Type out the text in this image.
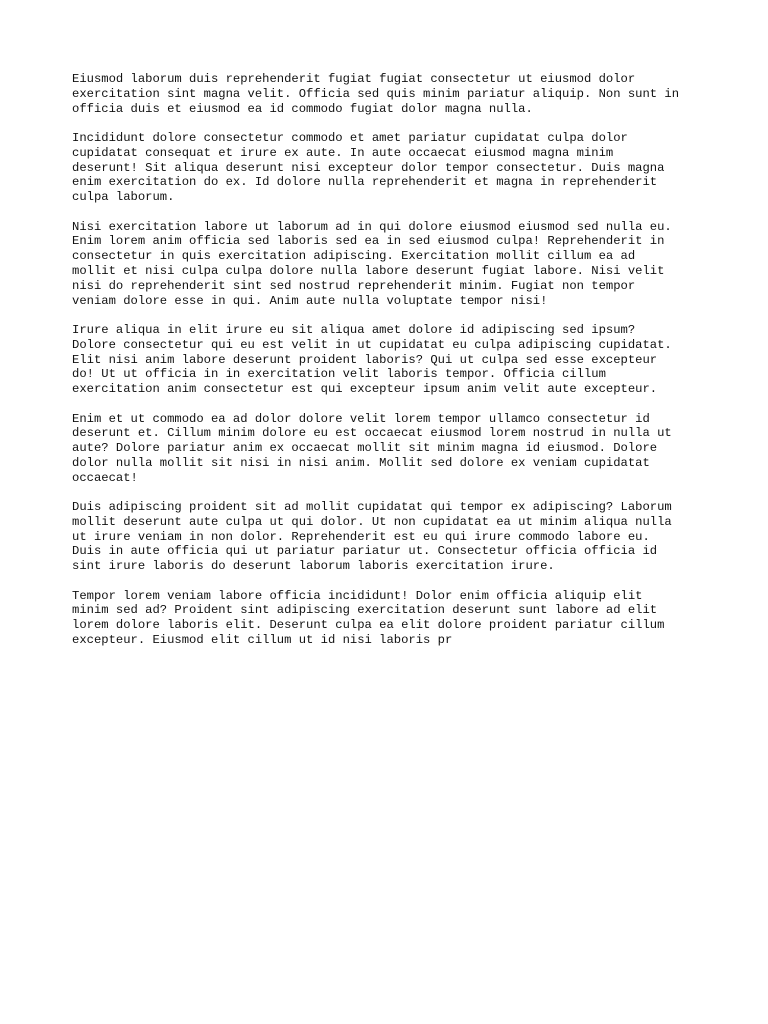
Eiusmod laborum duis reprehenderit fugiat fugiat consectetur ut eiusmod dolor
exercitation sint magna velit. Officia sed quis minim pariatur aliquip. Non sunt in
officia duis et eiusmod ea id commodo fugiat dolor magna nulla.

Incididunt dolore consectetur commodo et amet pariatur cupidatat culpa dolor
cupidatat consequat et irure ex aute. In aute occaecat eiusmod magna minim
deserunt! Sit aliqua deserunt nisi excepteur dolor tempor consectetur. Duis magna
enim exercitation do ex. Id dolore nulla reprehenderit et magna in reprehenderit
culpa laborum.

Nisi exercitation labore ut laborum ad in qui dolore eiusmod eiusmod sed nulla eu.
Enim lorem anim officia sed laboris sed ea in sed eiusmod culpa! Reprehenderit in
consectetur in quis exercitation adipiscing. Exercitation mollit cillum ea ad
mollit et nisi culpa culpa dolore nulla labore deserunt fugiat labore. Nisi velit
nisi do reprehenderit sint sed nostrud reprehenderit minim. Fugiat non tempor
veniam dolore esse in qui. Anim aute nulla voluptate tempor nisi!

Irure aliqua in elit irure eu sit aliqua amet dolore id adipiscing sed ipsum?
Dolore consectetur qui eu est velit in ut cupidatat eu culpa adipiscing cupidatat.
Elit nisi anim labore deserunt proident laboris? Qui ut culpa sed esse excepteur
do! Ut ut officia in in exercitation velit laboris tempor. Officia cillum
exercitation anim consectetur est qui excepteur ipsum anim velit aute excepteur.

Enim et ut commodo ea ad dolor dolore velit lorem tempor ullamco consectetur id
deserunt et. Cillum minim dolore eu est occaecat eiusmod lorem nostrud in nulla ut
aute? Dolore pariatur anim ex occaecat mollit sit minim magna id eiusmod. Dolore
dolor nulla mollit sit nisi in nisi anim. Mollit sed dolore ex veniam cupidatat
occaecat!

Duis adipiscing proident sit ad mollit cupidatat qui tempor ex adipiscing? Laborum
mollit deserunt aute culpa ut qui dolor. Ut non cupidatat ea ut minim aliqua nulla
ut irure veniam in non dolor. Reprehenderit est eu qui irure commodo labore eu.
Duis in aute officia qui ut pariatur pariatur ut. Consectetur officia officia id
sint irure laboris do deserunt laborum laboris exercitation irure.

Tempor lorem veniam labore officia incididunt! Dolor enim officia aliquip elit
minim sed ad? Proident sint adipiscing exercitation deserunt sunt labore ad elit
lorem dolore laboris elit. Deserunt culpa ea elit dolore proident pariatur cillum
excepteur. Eiusmod elit cillum ut id nisi laboris pr
